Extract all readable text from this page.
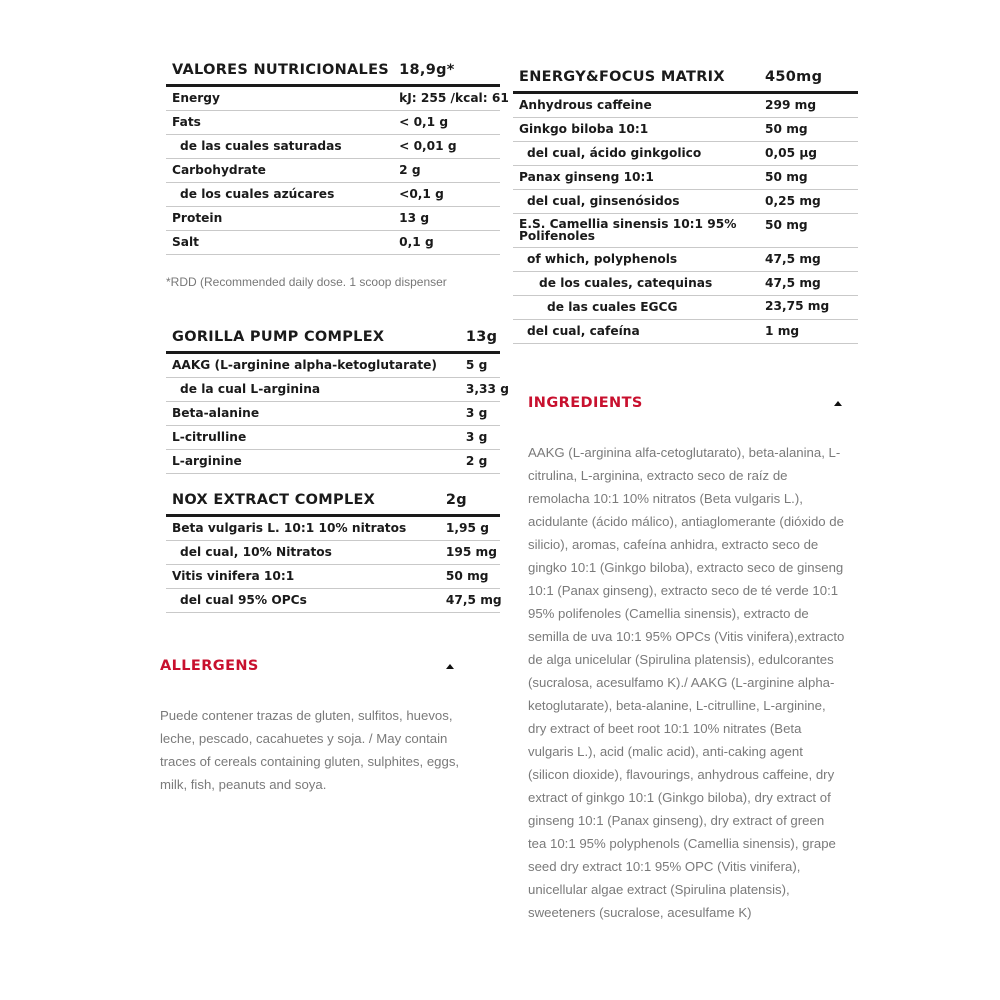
VALORES NUTRICIONALES	18,9g*
Energy	kJ: 255 /kcal: 61
Fats	< 0,1 g
de las cuales saturadas	< 0,01 g
Carbohydrate	2 g
de los cuales azúcares	<0,1 g
Protein	13 g
Salt	0,1 g

*RDD (Recommended daily dose. 1 scoop dispenser

GORILLA PUMP COMPLEX	13g
AAKG (L-arginine alpha-ketoglutarate)	5 g
de la cual L-arginina	3,33 g
Beta-alanine	3 g
L-citrulline	3 g
L-arginine	2 g
NOX EXTRACT COMPLEX	2g
Beta vulgaris L. 10:1 10% nitratos	1,95 g
del cual, 10% Nitratos	195 mg
Vitis vinifera 10:1	50 mg
del cual 95% OPCs	47,5 mg
ALLERGENS
Puede contener trazas de gluten, sulfitos, huevos, leche, pescado, cacahuetes y soja. / May contain traces of cereals containing gluten, sulphites, eggs, milk, fish, peanuts and soya.
ENERGY&FOCUS MATRIX	450mg
Anhydrous caffeine	299 mg
Ginkgo biloba 10:1	50 mg
del cual, ácido ginkgolico	0,05 µg
Panax ginseng 10:1	50 mg
del cual, ginsenósidos	0,25 mg
E.S. Camellia sinensis 10:1 95% Polifenoles	50 mg
of which, polyphenols	47,5 mg
de los cuales, catequinas	47,5 mg
de las cuales EGCG	23,75 mg
del cual, cafeína	1 mg
INGREDIENTS
AAKG (L-arginina alfa-cetoglutarato), beta-alanina, L-citrulina, L-arginina, extracto seco de raíz de remolacha 10:1 10% nitratos (Beta vulgaris L.), acidulante (ácido málico), antiaglomerante (dióxido de silicio), aromas, cafeína anhidra, extracto seco de gingko 10:1 (Ginkgo biloba), extracto seco de ginseng 10:1 (Panax ginseng), extracto seco de té verde 10:1 95% polifenoles (Camellia sinensis), extracto de semilla de uva 10:1 95% OPCs (Vitis vinifera),extracto de alga unicelular (Spirulina platensis), edulcorantes (sucralosa, acesulfamo K)./ AAKG (L-arginine alpha-ketoglutarate), beta-alanine, L-citrulline, L-arginine, dry extract of beet root 10:1 10% nitrates (Beta vulgaris L.), acid (malic acid), anti-caking agent (silicon dioxide), flavourings, anhydrous caffeine, dry extract of ginkgo 10:1 (Ginkgo biloba), dry extract of ginseng 10:1 (Panax ginseng), dry extract of green tea 10:1 95% polyphenols (Camellia sinensis), grape seed dry extract 10:1 95% OPC (Vitis vinifera), unicellular algae extract (Spirulina platensis), sweeteners (sucralose, acesulfame K)
